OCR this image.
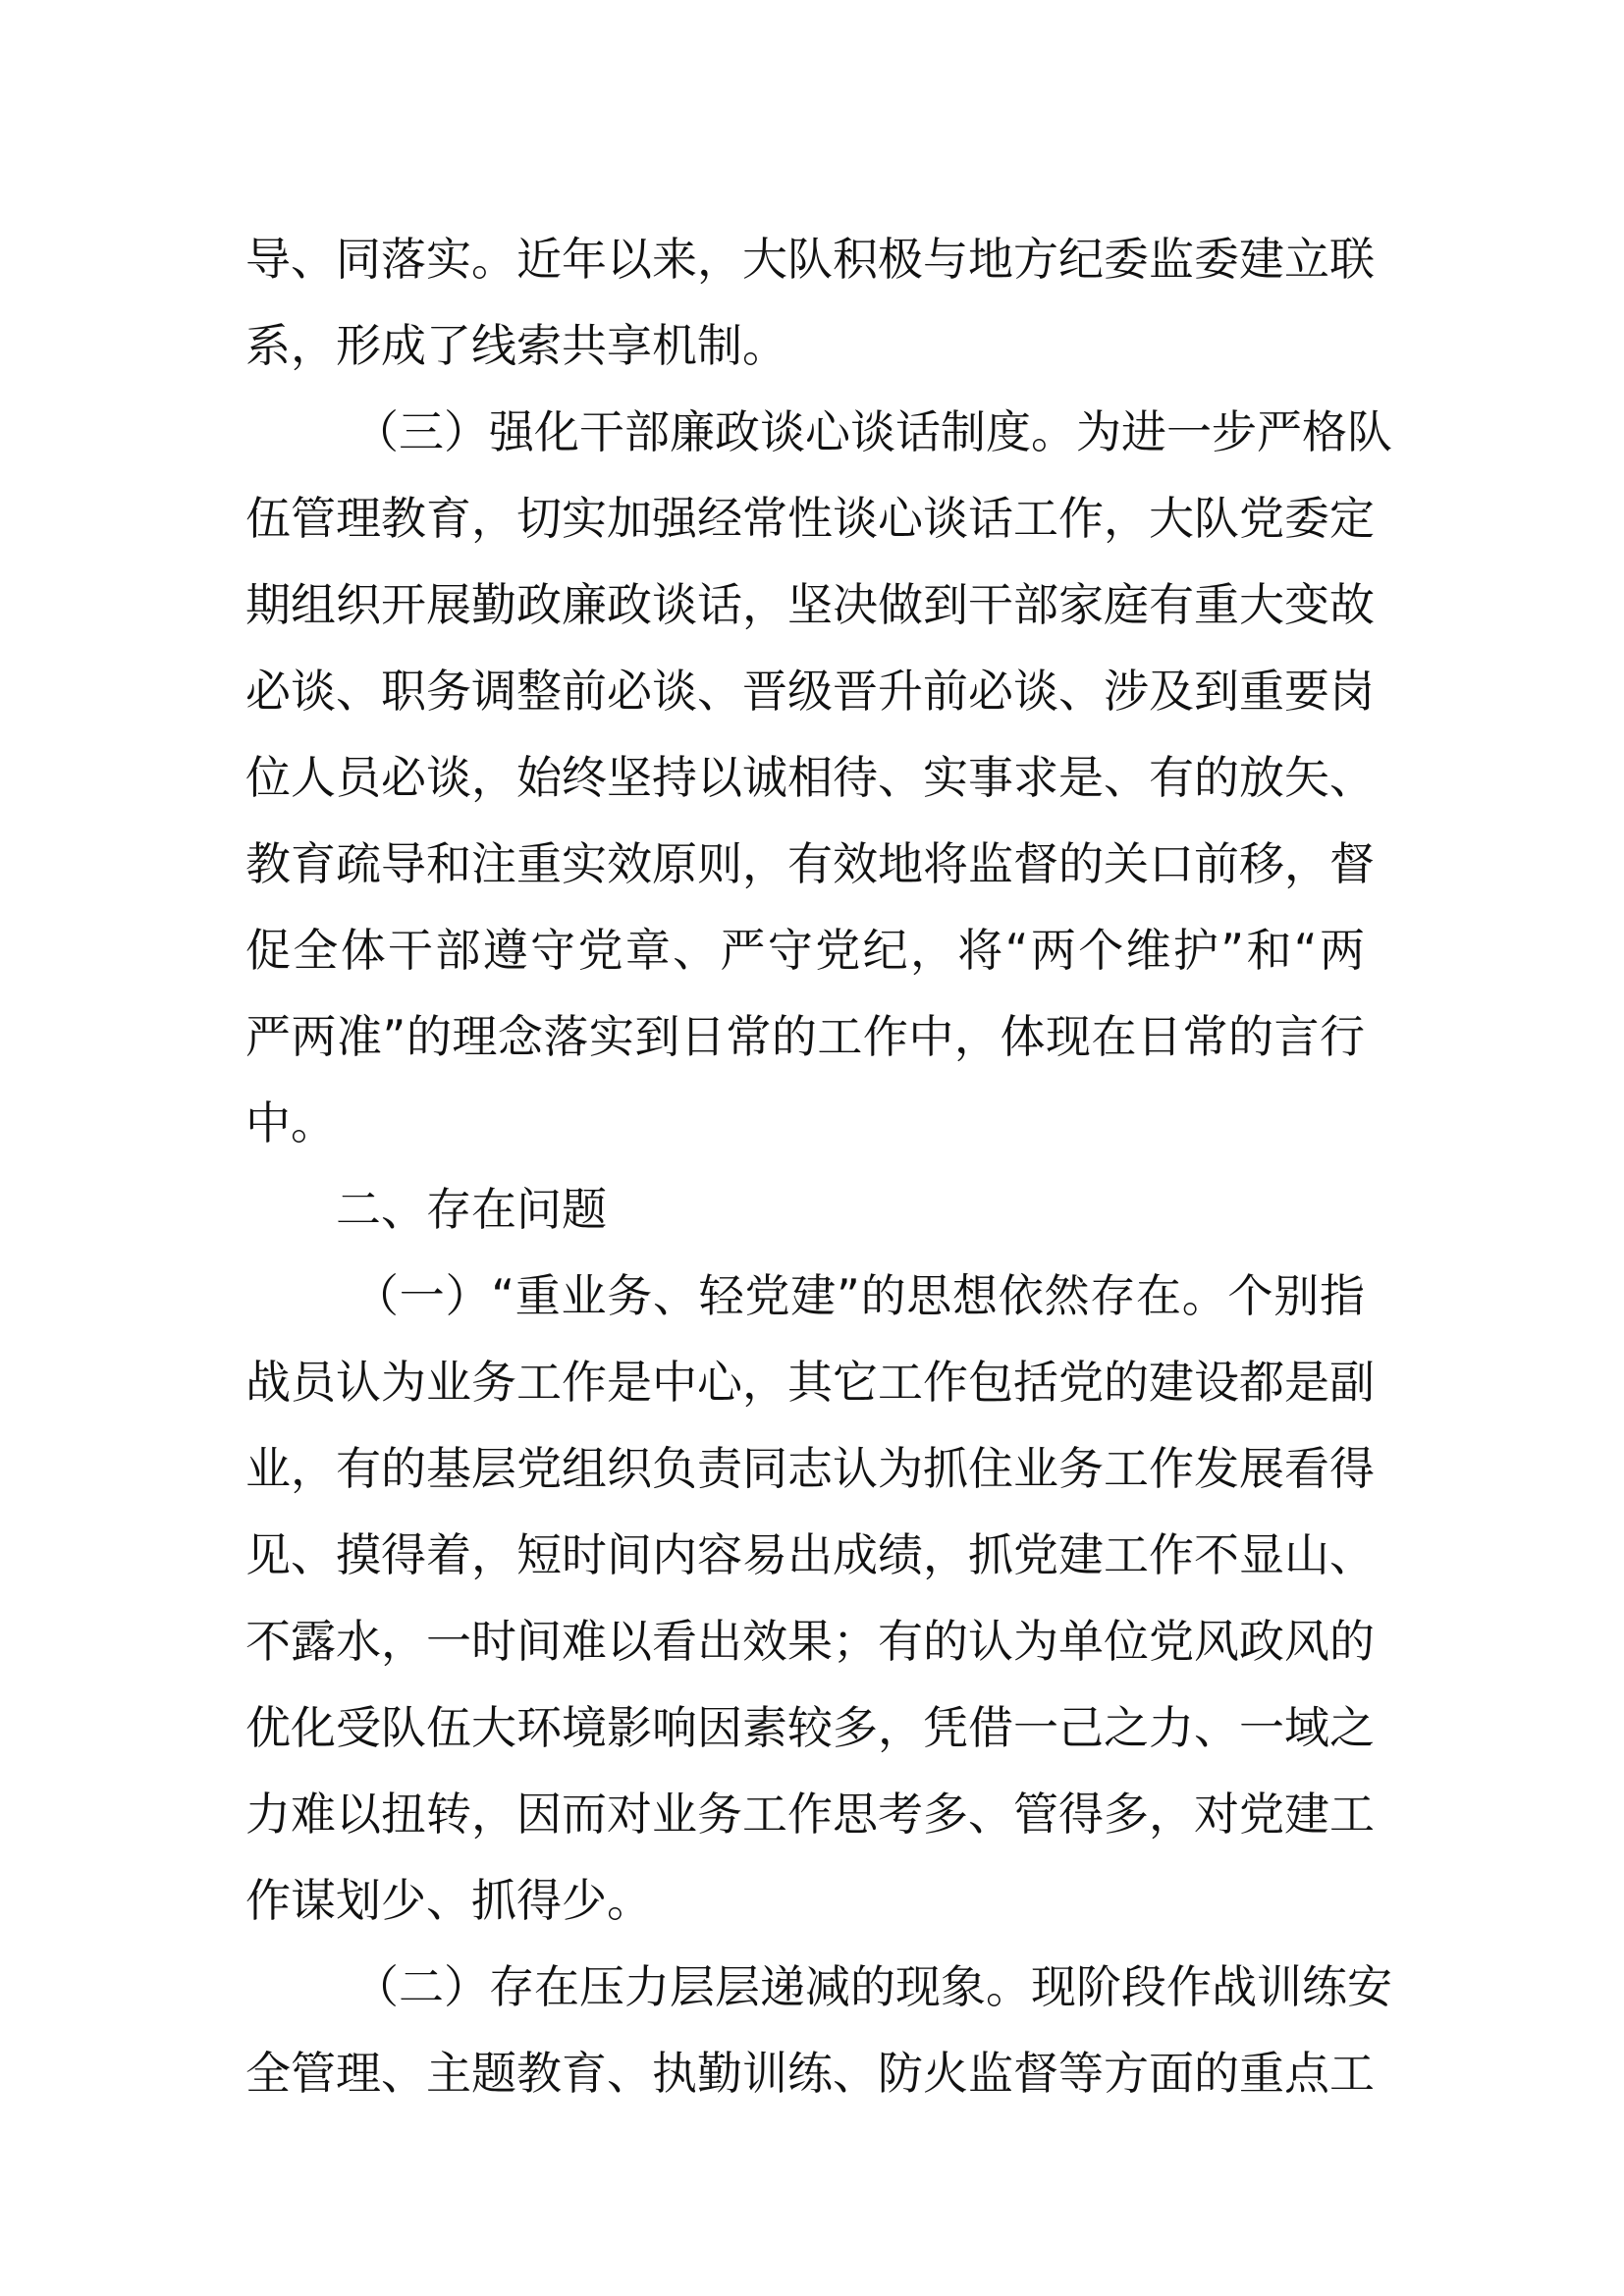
导、同落实。近年以来，大队积极与地方纪委监委建立联
系，形成了线索共享机制。
（三）强化干部廉政谈心谈话制度。为进一步严格队
伍管理教育，切实加强经常性谈心谈话工作，大队党委定
期组织开展勤政廉政谈话，坚决做到干部家庭有重大变故
必谈、职务调整前必谈、晋级晋升前必谈、涉及到重要岗
位人员必谈，始终坚持以诚相待、实事求是、有的放矢、
教育疏导和注重实效原则，有效地将监督的关口前移，督
促全体干部遵守党章、严守党纪，将“两个维护”和“两
严两准”的理念落实到日常的工作中，体现在日常的言行
中。
二、存在问题
（一）“重业务、轻党建”的思想依然存在。个别指
战员认为业务工作是中心，其它工作包括党的建设都是副
业，有的基层党组织负责同志认为抓住业务工作发展看得
见、摸得着，短时间内容易出成绩，抓党建工作不显山、
不露水，一时间难以看出效果；有的认为单位党风政风的
优化受队伍大环境影响因素较多，凭借一己之力、一域之
力难以扭转，因而对业务工作思考多、管得多，对党建工
作谋划少、抓得少。
（二）存在压力层层递减的现象。现阶段作战训练安
全管理、主题教育、执勤训练、防火监督等方面的重点工
